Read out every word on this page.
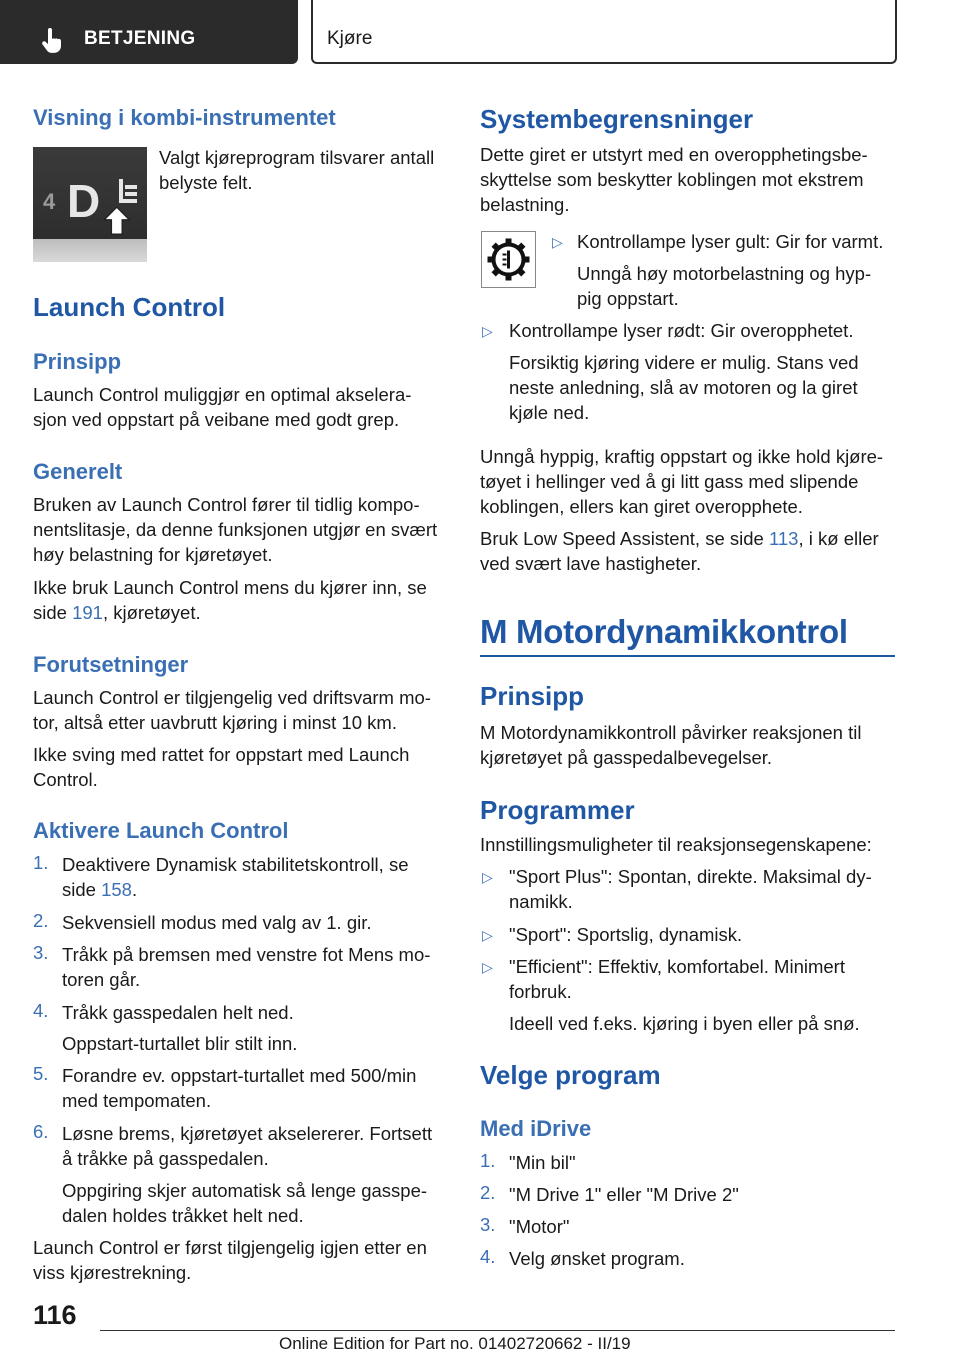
BETJENING	Kjøre
Visning i kombi-instrumentet
4 D

Valgt kjøreprogram tilsvarer antall

belyste felt.

Launch Control
Prinsipp

Launch Control muliggjør en optimal akselera-

sjon ved oppstart på veibane med godt grep.

Generelt

Bruken av Launch Control fører til tidlig kompo-

nentslitasje, da denne funksjonen utgjør en svært

høy belastning for kjøretøyet.

Ikke bruk Launch Control mens du kjører inn, se

side 191, kjøretøyet.

Forutsetninger

Launch Control er tilgjengelig ved driftsvarm mo-

tor, altså etter uavbrutt kjøring i minst 10 km.

Ikke sving med rattet for oppstart med Launch

Control.

Aktivere Launch Control
1. Deaktivere Dynamisk stabilitetskontroll, se

side 158.

2. Sekvensiell modus med valg av 1. gir.

3. Tråkk på bremsen med venstre fot Mens mo-

toren går.

4. Tråkk gasspedalen helt ned.

Oppstart-turtallet blir stilt inn.

5. Forandre ev. oppstart-turtallet med 500/min

med tempomaten.

6. Løsne brems, kjøretøyet akselererer. Fortsett

å tråkke på gasspedalen.

Oppgiring skjer automatisk så lenge gasspe-

dalen holdes tråkket helt ned.

Launch Control er først tilgjengelig igjen etter en

viss kjørestrekning.

Systembegrensninger

Dette giret er utstyrt med en overopphetingsbe-

skyttelse som beskytter koblingen mot ekstrem

belastning.

▷ Kontrollampe lyser gult: Gir for varmt.

Unngå høy motorbelastning og hyp-

pig oppstart.

▷ Kontrollampe lyser rødt: Gir overopphetet.

Forsiktig kjøring videre er mulig. Stans ved

neste anledning, slå av motoren og la giret

kjøle ned.

Unngå hyppig, kraftig oppstart og ikke hold kjøre-

tøyet i hellinger ved å gi litt gass med slipende

koblingen, ellers kan giret overopphete.

Bruk Low Speed Assistent, se side 113, i kø eller

ved svært lave hastigheter.

M Motordynamikkontrol
Prinsipp

M Motordynamikkontroll påvirker reaksjonen til

kjøretøyet på gasspedalbevegelser.

Programmer

Innstillingsmuligheter til reaksjonsegenskapene:

▷ "Sport Plus": Spontan, direkte. Maksimal dy-

namikk.

▷ "Sport": Sportslig, dynamisk.

▷ "Efficient": Effektiv, komfortabel. Minimert

forbruk.

Ideell ved f.eks. kjøring i byen eller på snø.

Velge program
Med iDrive
1. "Min bil"

2. "M Drive 1" eller "M Drive 2"

3. "Motor"

4. Velg ønsket program.

116
Online Edition for Part no. 01402720662 - II/19
